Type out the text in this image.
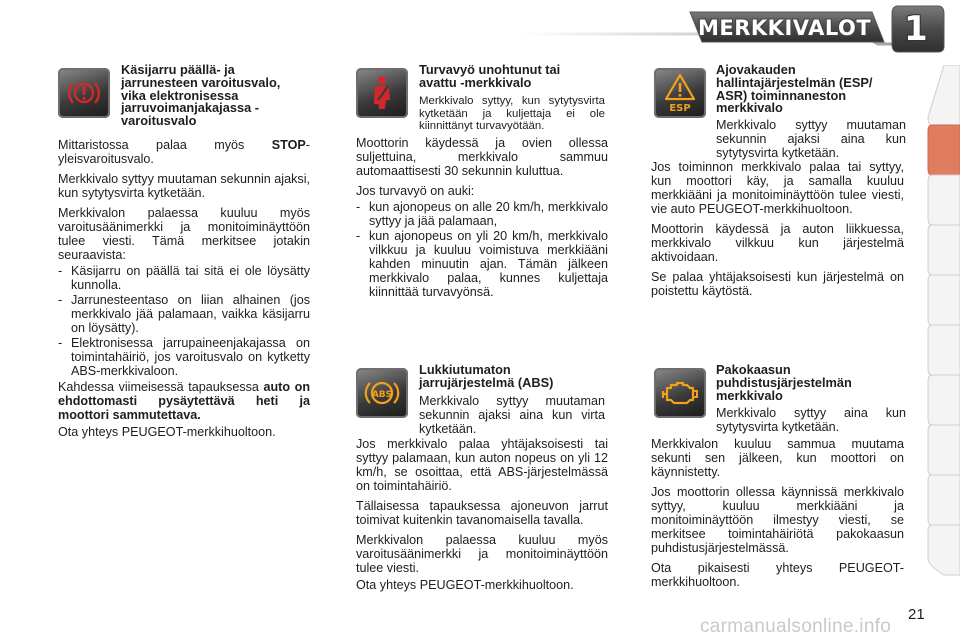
MERKKIVALOT 1
Käsijarru päällä- ja jarrunesteen varoitusvalo, vika elektronisessa jarruvoimanjakajassa -varoitusvalo

Mittaristossa palaa myös STOP-yleisvaroitusvalo.

Merkkivalo syttyy muutaman sekunnin ajaksi, kun sytytysvirta kytketään.

Merkkivalon palaessa kuuluu myös varoitusäänimerkki ja monitoiminäyttöön tulee viesti. Tämä merkitsee jotakin seuraavista:

- Käsijarru on päällä tai sitä ei ole löysätty kunnolla.
- Jarrunesteentaso on liian alhainen (jos merkkivalo jää palamaan, vaikka käsijarru on löysätty).
- Elektronisessa jarrupaineenjakajassa on toimintahäiriö, jos varoitusvalo on kytketty ABS-merkkivaloon.

Kahdessa viimeisessä tapauksessa auto on ehdottomasti pysäytettävä heti ja moottori sammutettava.

Ota yhteys PEUGEOT-merkkihuoltoon.

Turvavyö unohtunut tai avattu -merkkivalo
Merkkivalo syttyy, kun sytytysvirta kytketään ja kuljettaja ei ole kiinnittänyt turvavyötään.

Moottorin käydessä ja ovien ollessa suljettuina, merkkivalo sammuu automaattisesti 30 sekunnin kuluttua.

Jos turvavyö on auki:

- kun ajonopeus on alle 20 km/h, merkkivalo syttyy ja jää palamaan,
- kun ajonopeus on yli 20 km/h, merkkivalo vilkkuu ja kuuluu voimistuva merkkiääni kahden minuutin ajan. Tämän jälkeen merkkivalo palaa, kunnes kuljettaja kiinnittää turvavyönsä.
ABS
Lukkiutumaton jarrujärjestelmä (ABS)
Merkkivalo syttyy muutaman sekunnin ajaksi aina kun virta kytketään.

Jos merkkivalo palaa yhtäjaksoisesti tai syttyy palamaan, kun auton nopeus on yli 12 km/h, se osoittaa, että ABS-järjestelmässä on toimintahäiriö.

Tällaisessa tapauksessa ajoneuvon jarrut toimivat kuitenkin tavanomaisella tavalla.

Merkkivalon palaessa kuuluu myös varoitusäänimerkki ja monitoiminäyttöön tulee viesti.

Ota yhteys PEUGEOT-merkkihuoltoon.

ESP
Ajovakauden hallintajärjestelmän (ESP/ ASR) toiminnaneston merkkivalo
Merkkivalo syttyy muutaman sekunnin ajaksi aina kun sytytysvirta kytketään.

Jos toiminnon merkkivalo palaa tai syttyy, kun moottori käy, ja samalla kuuluu merkkiääni ja monitoiminäyttöön tulee viesti, vie auto PEUGEOT-merkkihuoltoon.

Moottorin käydessä ja auton liikkuessa, merkkivalo vilkkuu kun järjestelmä aktivoidaan.

Se palaa yhtäjaksoisesti kun järjestelmä on poistettu käytöstä.

Pakokaasun puhdistusjärjestelmän merkkivalo
Merkkivalo syttyy aina kun sytytysvirta kytketään.

Merkkivalon kuuluu sammua muutama sekunti sen jälkeen, kun moottori on käynnistetty.

Jos moottorin ollessa käynnissä merkkivalo syttyy, kuuluu merkkiääni ja monitoiminäyttöön ilmestyy viesti, se merkitsee toimintahäiriötä pakokaasun puhdistusjärjestelmässä.

Ota pikaisesti yhteys PEUGEOT-merkkihuoltoon.

21
carmanualsonline.info
